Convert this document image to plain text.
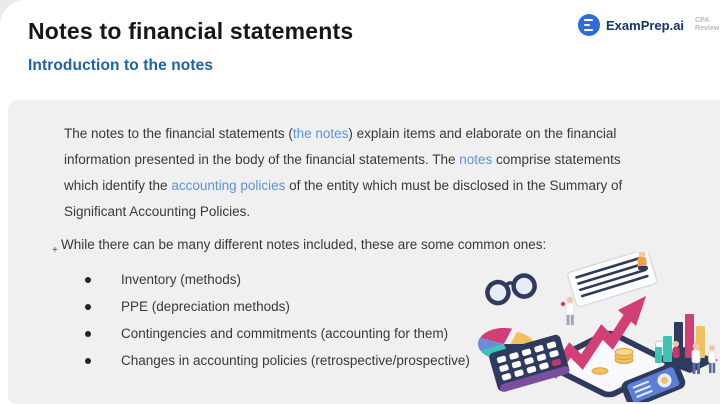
Notes to financial statements
Introduction to the notes
ExamPrep.ai CPA
Review

The notes to the financial statements (the notes) explain items and elaborate on the financial information presented in the body of the financial statements. The notes comprise statements which identify the accounting policies of the entity which must be disclosed in the Summary of Significant Accounting Policies.

+ While there can be many different notes included, these are some common ones:
Inventory (methods)
PPE (depreciation methods)
Contingencies and commitments (accounting for them)
Changes in accounting policies (retrospective/prospective)
